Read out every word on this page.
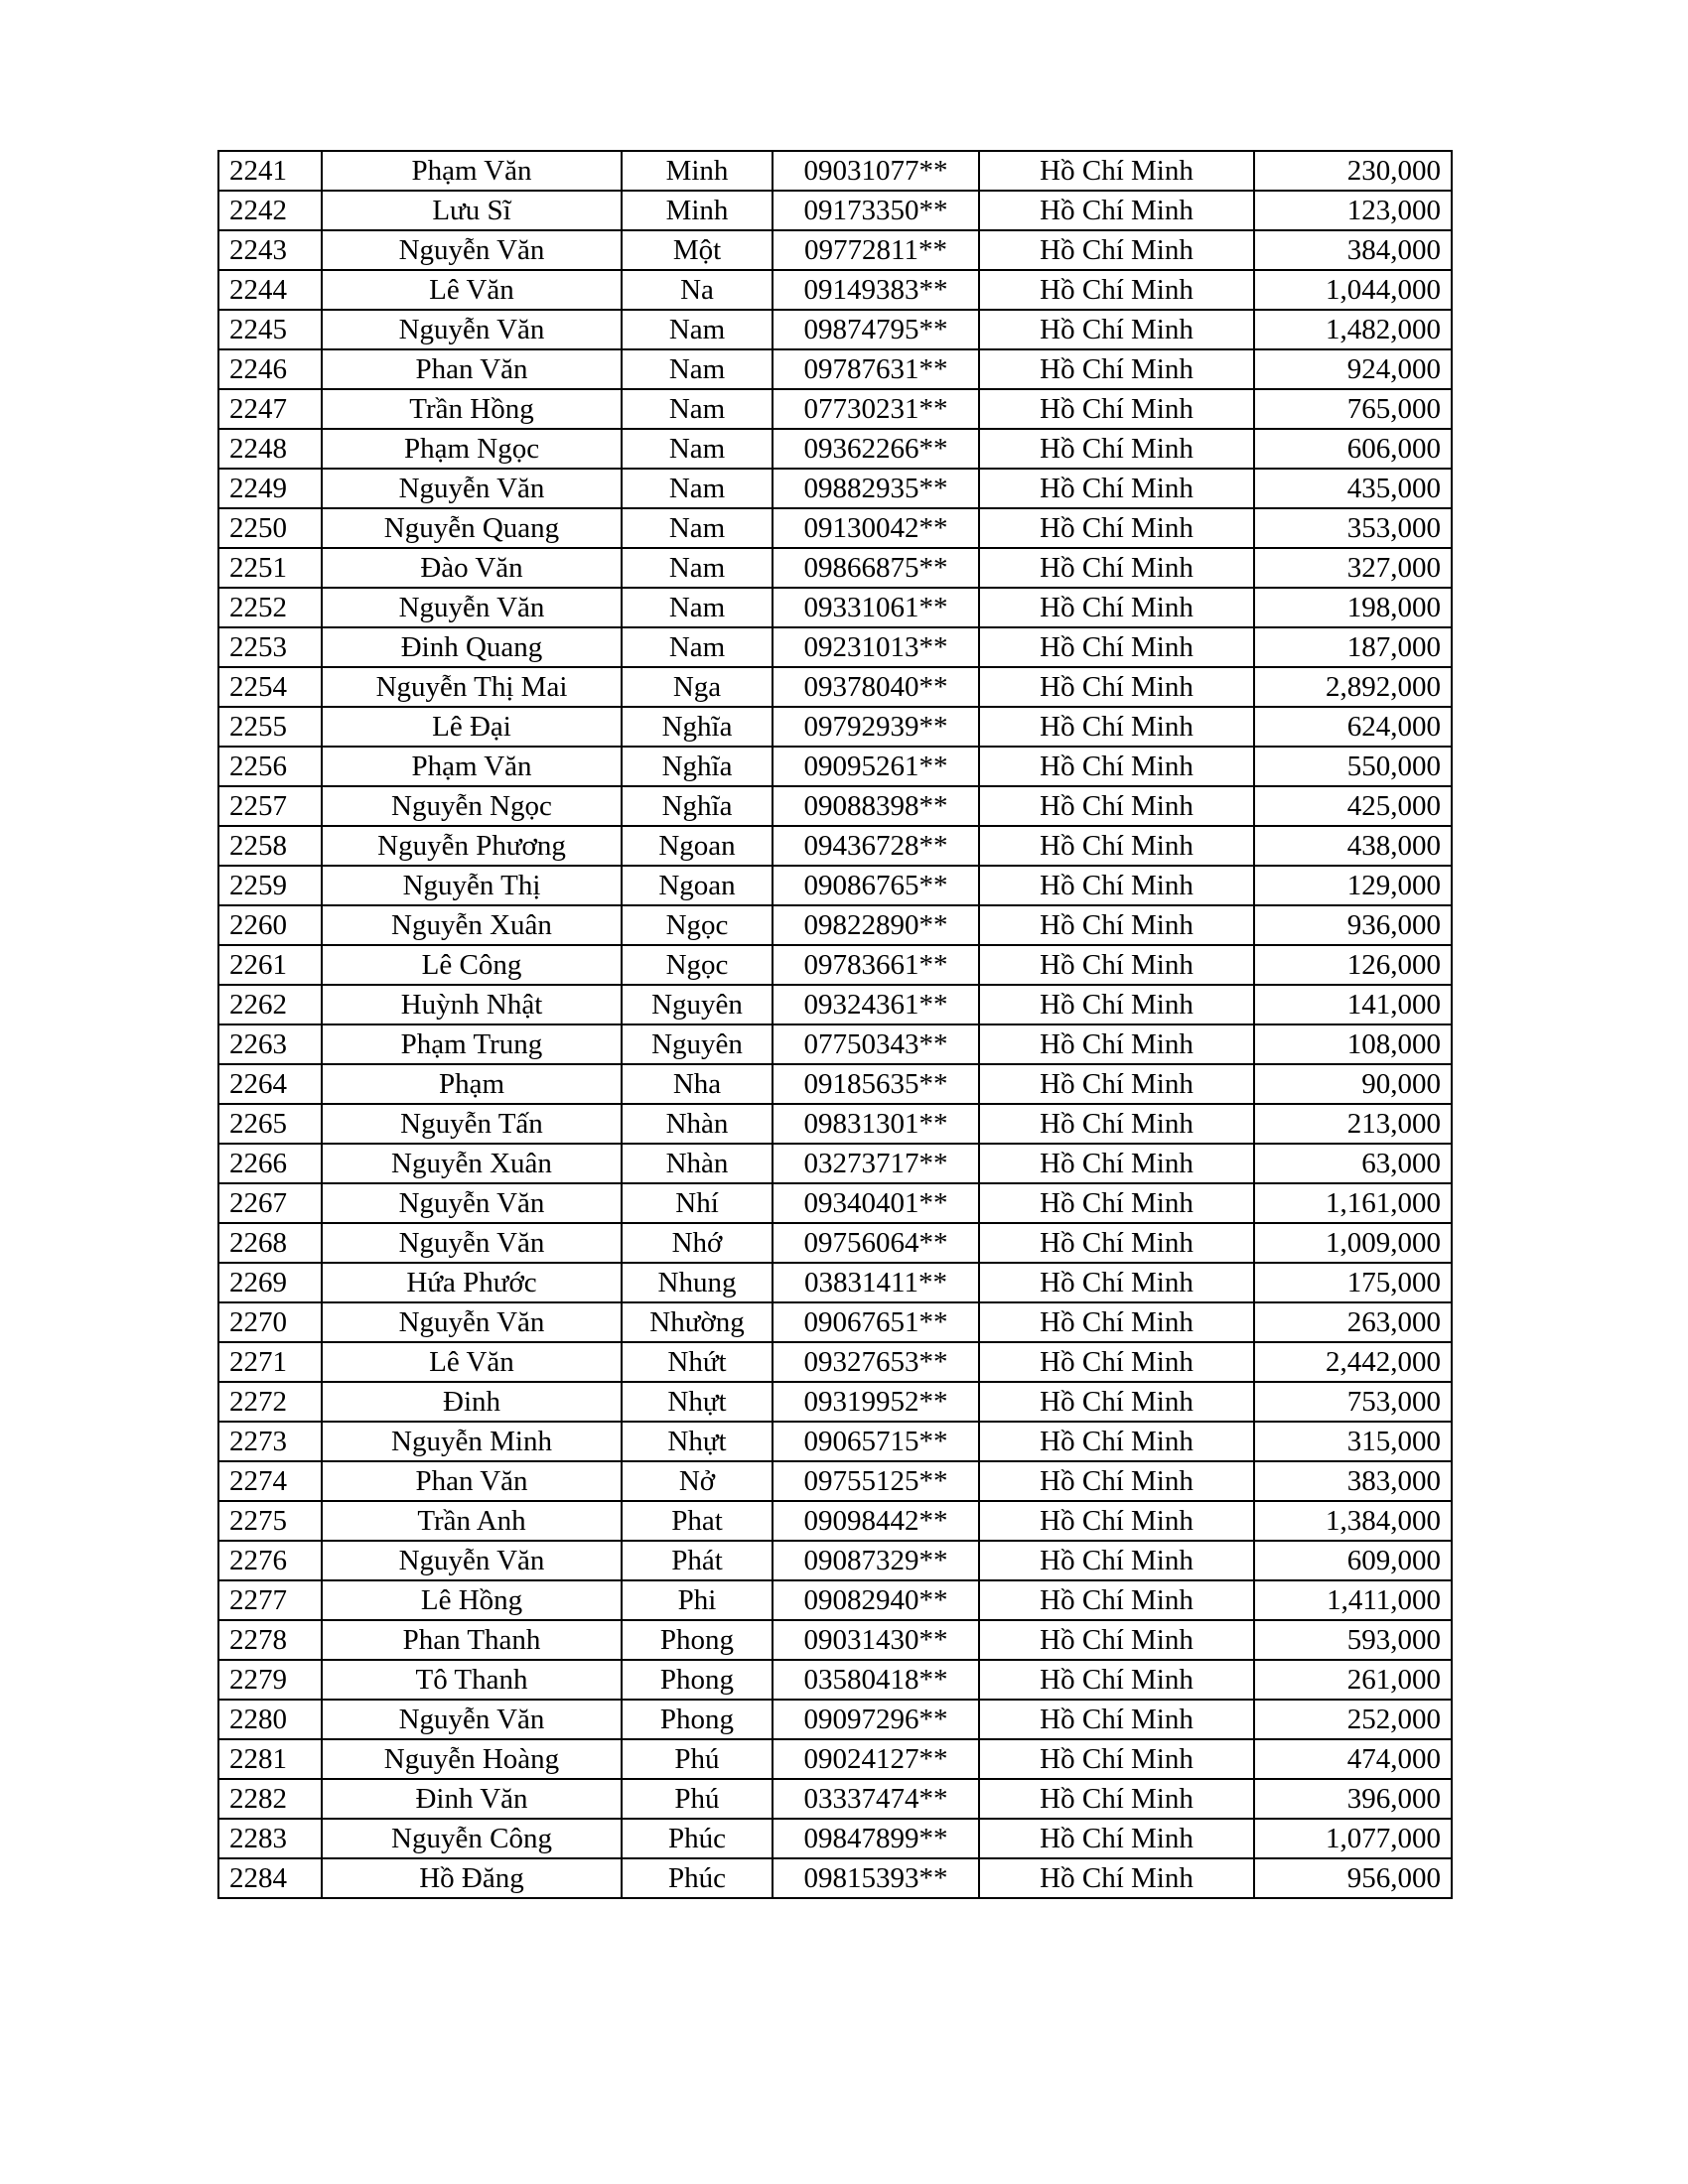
2241	Phạm Văn	Minh	09031077**	Hồ Chí Minh	230,000
2242	Lưu Sĩ	Minh	09173350**	Hồ Chí Minh	123,000
2243	Nguyễn Văn	Một	09772811**	Hồ Chí Minh	384,000
2244	Lê Văn	Na	09149383**	Hồ Chí Minh	1,044,000
2245	Nguyễn Văn	Nam	09874795**	Hồ Chí Minh	1,482,000
2246	Phan Văn	Nam	09787631**	Hồ Chí Minh	924,000
2247	Trần Hồng	Nam	07730231**	Hồ Chí Minh	765,000
2248	Phạm Ngọc	Nam	09362266**	Hồ Chí Minh	606,000
2249	Nguyễn Văn	Nam	09882935**	Hồ Chí Minh	435,000
2250	Nguyễn Quang	Nam	09130042**	Hồ Chí Minh	353,000
2251	Đào Văn	Nam	09866875**	Hồ Chí Minh	327,000
2252	Nguyễn Văn	Nam	09331061**	Hồ Chí Minh	198,000
2253	Đinh Quang	Nam	09231013**	Hồ Chí Minh	187,000
2254	Nguyễn Thị Mai	Nga	09378040**	Hồ Chí Minh	2,892,000
2255	Lê Đại	Nghĩa	09792939**	Hồ Chí Minh	624,000
2256	Phạm Văn	Nghĩa	09095261**	Hồ Chí Minh	550,000
2257	Nguyễn Ngọc	Nghĩa	09088398**	Hồ Chí Minh	425,000
2258	Nguyễn Phương	Ngoan	09436728**	Hồ Chí Minh	438,000
2259	Nguyễn Thị	Ngoan	09086765**	Hồ Chí Minh	129,000
2260	Nguyễn Xuân	Ngọc	09822890**	Hồ Chí Minh	936,000
2261	Lê Công	Ngọc	09783661**	Hồ Chí Minh	126,000
2262	Huỳnh Nhật	Nguyên	09324361**	Hồ Chí Minh	141,000
2263	Phạm Trung	Nguyên	07750343**	Hồ Chí Minh	108,000
2264	Phạm	Nha	09185635**	Hồ Chí Minh	90,000
2265	Nguyễn Tấn	Nhàn	09831301**	Hồ Chí Minh	213,000
2266	Nguyễn Xuân	Nhàn	03273717**	Hồ Chí Minh	63,000
2267	Nguyễn Văn	Nhí	09340401**	Hồ Chí Minh	1,161,000
2268	Nguyễn Văn	Nhớ	09756064**	Hồ Chí Minh	1,009,000
2269	Hứa Phước	Nhung	03831411**	Hồ Chí Minh	175,000
2270	Nguyễn Văn	Nhường	09067651**	Hồ Chí Minh	263,000
2271	Lê Văn	Nhứt	09327653**	Hồ Chí Minh	2,442,000
2272	Đinh	Nhựt	09319952**	Hồ Chí Minh	753,000
2273	Nguyễn Minh	Nhựt	09065715**	Hồ Chí Minh	315,000
2274	Phan Văn	Nở	09755125**	Hồ Chí Minh	383,000
2275	Trần Anh	Phat	09098442**	Hồ Chí Minh	1,384,000
2276	Nguyễn Văn	Phát	09087329**	Hồ Chí Minh	609,000
2277	Lê Hồng	Phi	09082940**	Hồ Chí Minh	1,411,000
2278	Phan Thanh	Phong	09031430**	Hồ Chí Minh	593,000
2279	Tô Thanh	Phong	03580418**	Hồ Chí Minh	261,000
2280	Nguyễn Văn	Phong	09097296**	Hồ Chí Minh	252,000
2281	Nguyễn Hoàng	Phú	09024127**	Hồ Chí Minh	474,000
2282	Đinh Văn	Phú	03337474**	Hồ Chí Minh	396,000
2283	Nguyễn Công	Phúc	09847899**	Hồ Chí Minh	1,077,000
2284	Hồ Đăng	Phúc	09815393**	Hồ Chí Minh	956,000
